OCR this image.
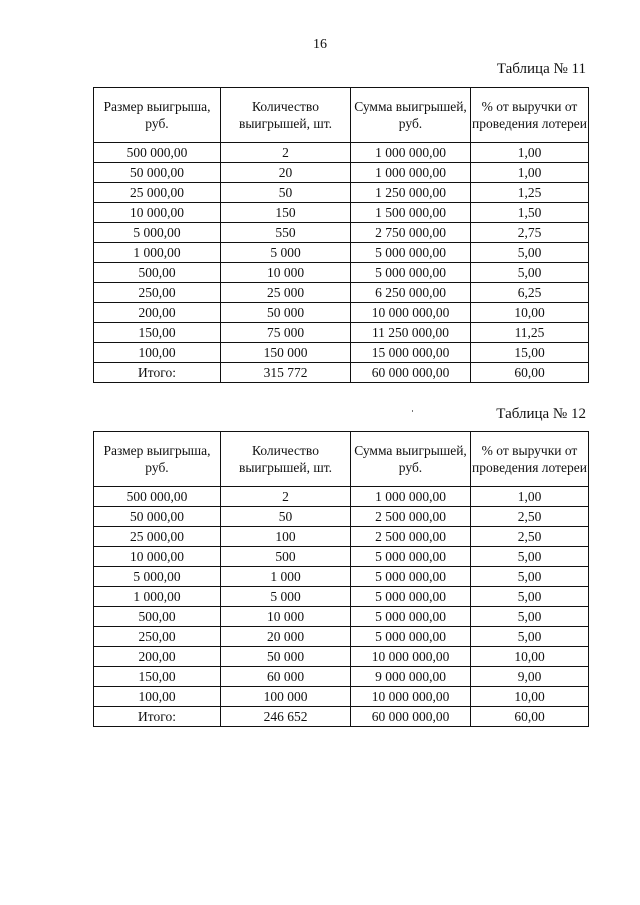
16
Таблица № 11
Размер выигрыша, руб.	Количество выигрышей, шт.	Сумма выигрышей, руб.	% от выручки от проведения лотереи
500 000,00	2	1 000 000,00	1,00
50 000,00	20	1 000 000,00	1,00
25 000,00	50	1 250 000,00	1,25
10 000,00	150	1 500 000,00	1,50
5 000,00	550	2 750 000,00	2,75
1 000,00	5 000	5 000 000,00	5,00
500,00	10 000	5 000 000,00	5,00
250,00	25 000	6 250 000,00	6,25
200,00	50 000	10 000 000,00	10,00
150,00	75 000	11 250 000,00	11,25
100,00	150 000	15 000 000,00	15,00
Итого:	315 772	60 000 000,00	60,00
Таблица № 12
Размер выигрыша, руб.	Количество выигрышей, шт.	Сумма выигрышей, руб.	% от выручки от проведения лотереи
500 000,00	2	1 000 000,00	1,00
50 000,00	50	2 500 000,00	2,50
25 000,00	100	2 500 000,00	2,50
10 000,00	500	5 000 000,00	5,00
5 000,00	1 000	5 000 000,00	5,00
1 000,00	5 000	5 000 000,00	5,00
500,00	10 000	5 000 000,00	5,00
250,00	20 000	5 000 000,00	5,00
200,00	50 000	10 000 000,00	10,00
150,00	60 000	9 000 000,00	9,00
100,00	100 000	10 000 000,00	10,00
Итого:	246 652	60 000 000,00	60,00
